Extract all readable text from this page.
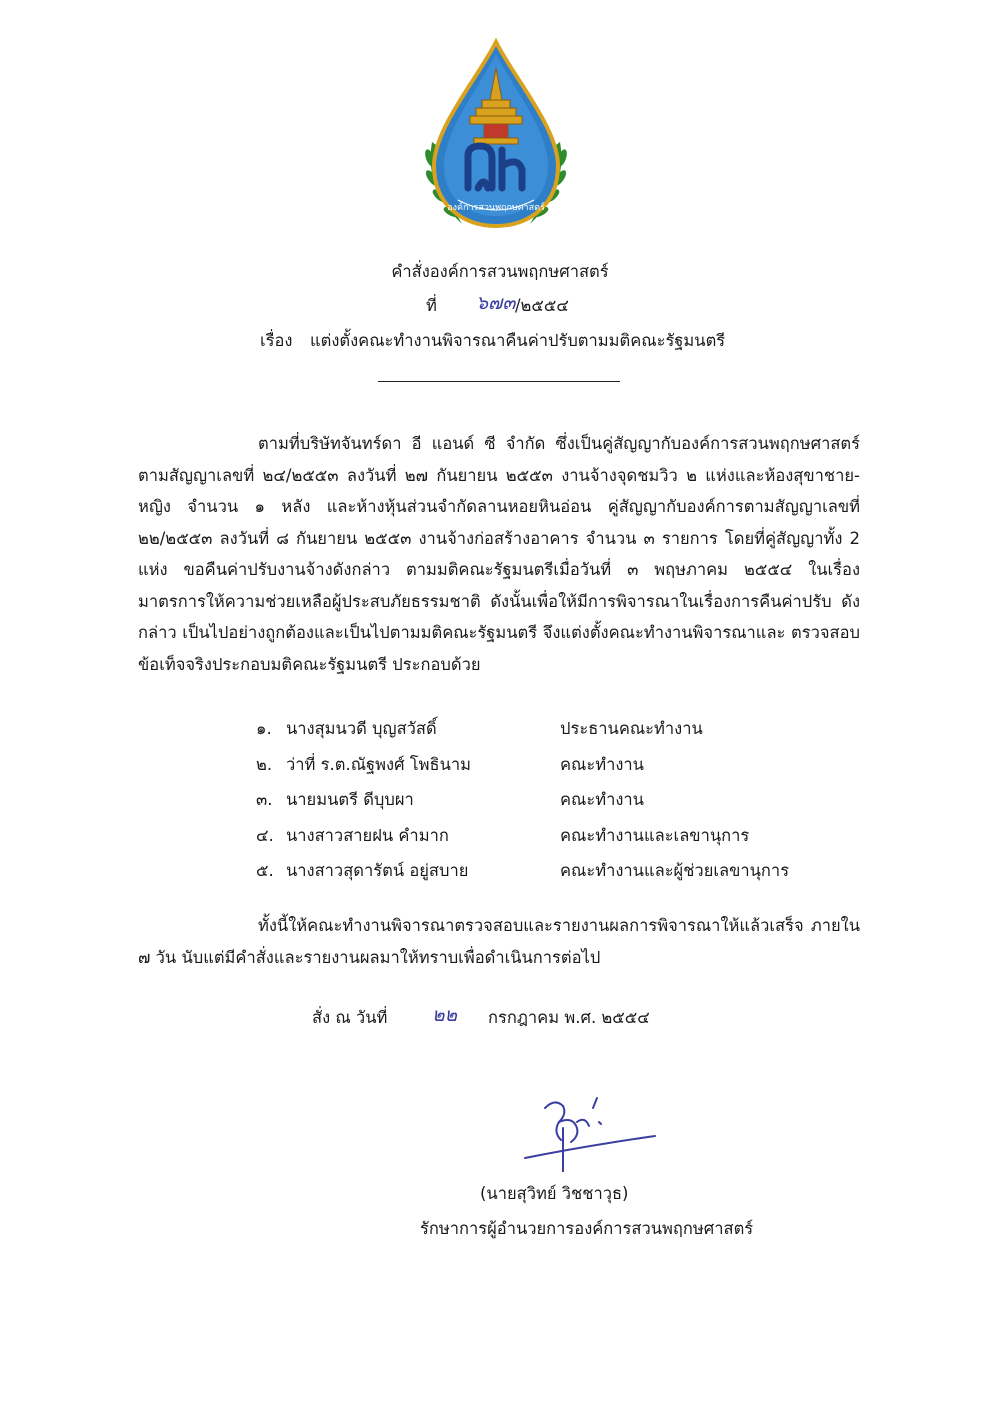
องค์การสวนพฤกษศาสตร์
คำสั่งองค์การสวนพฤกษศาสตร์
ที่ ๖๗๓ /๒๕๕๔
เรื่อง แต่งตั้งคณะทำงานพิจารณาคืนค่าปรับตามมติคณะรัฐมนตรี
ตามที่บริษัทจันทร์ดา อี แอนด์ ซี จำกัด ซึ่งเป็นคู่สัญญากับองค์การสวนพฤกษศาสตร์ ตามสัญญาเลขที่ ๒๔/๒๕๕๓ ลงวันที่ ๒๗ กันยายน ๒๕๕๓ งานจ้างจุดชมวิว ๒ แห่งและห้องสุขาชาย-หญิง จำนวน ๑ หลัง และห้างหุ้นส่วนจำกัดลานหอยหินอ่อน คู่สัญญากับองค์การตามสัญญาเลขที่ ๒๒/๒๕๕๓ ลงวันที่ ๘ กันยายน ๒๕๕๓ งานจ้างก่อสร้างอาคาร จำนวน ๓ รายการ โดยที่คู่สัญญาทั้ง 2 แห่ง ขอคืนค่าปรับงานจ้างดังกล่าว ตามมติคณะรัฐมนตรีเมื่อวันที่ ๓ พฤษภาคม ๒๕๕๔ ในเรื่อง มาตรการให้ความช่วยเหลือผู้ประสบภัยธรรมชาติ ดังนั้นเพื่อให้มีการพิจารณาในเรื่องการคืนค่าปรับ ดังกล่าว เป็นไปอย่างถูกต้องและเป็นไปตามมติคณะรัฐมนตรี จึงแต่งตั้งคณะทำงานพิจารณาและ ตรวจสอบข้อเท็จจริงประกอบมติคณะรัฐมนตรี ประกอบด้วย
๑. นางสุมนวดี บุญสวัสดิ์	ประธานคณะทำงาน
๒. ว่าที่ ร.ต.ณัฐพงศ์ โพธินาม	คณะทำงาน
๓. นายมนตรี ดีบุบผา	คณะทำงาน
๔. นางสาวสายฝน คำมาก	คณะทำงานและเลขานุการ
๕. นางสาวสุดารัตน์ อยู่สบาย	คณะทำงานและผู้ช่วยเลขานุการ
ทั้งนี้ให้คณะทำงานพิจารณาตรวจสอบและรายงานผลการพิจารณาให้แล้วเสร็จ ภายใน ๗ วัน นับแต่มีคำสั่งและรายงานผลมาให้ทราบเพื่อดำเนินการต่อไป
สั่ง ณ วันที่ ๒๒ กรกฎาคม พ.ศ. ๒๕๕๔
(นายสุวิทย์ วิชชาวุธ)
รักษาการผู้อำนวยการองค์การสวนพฤกษศาสตร์
